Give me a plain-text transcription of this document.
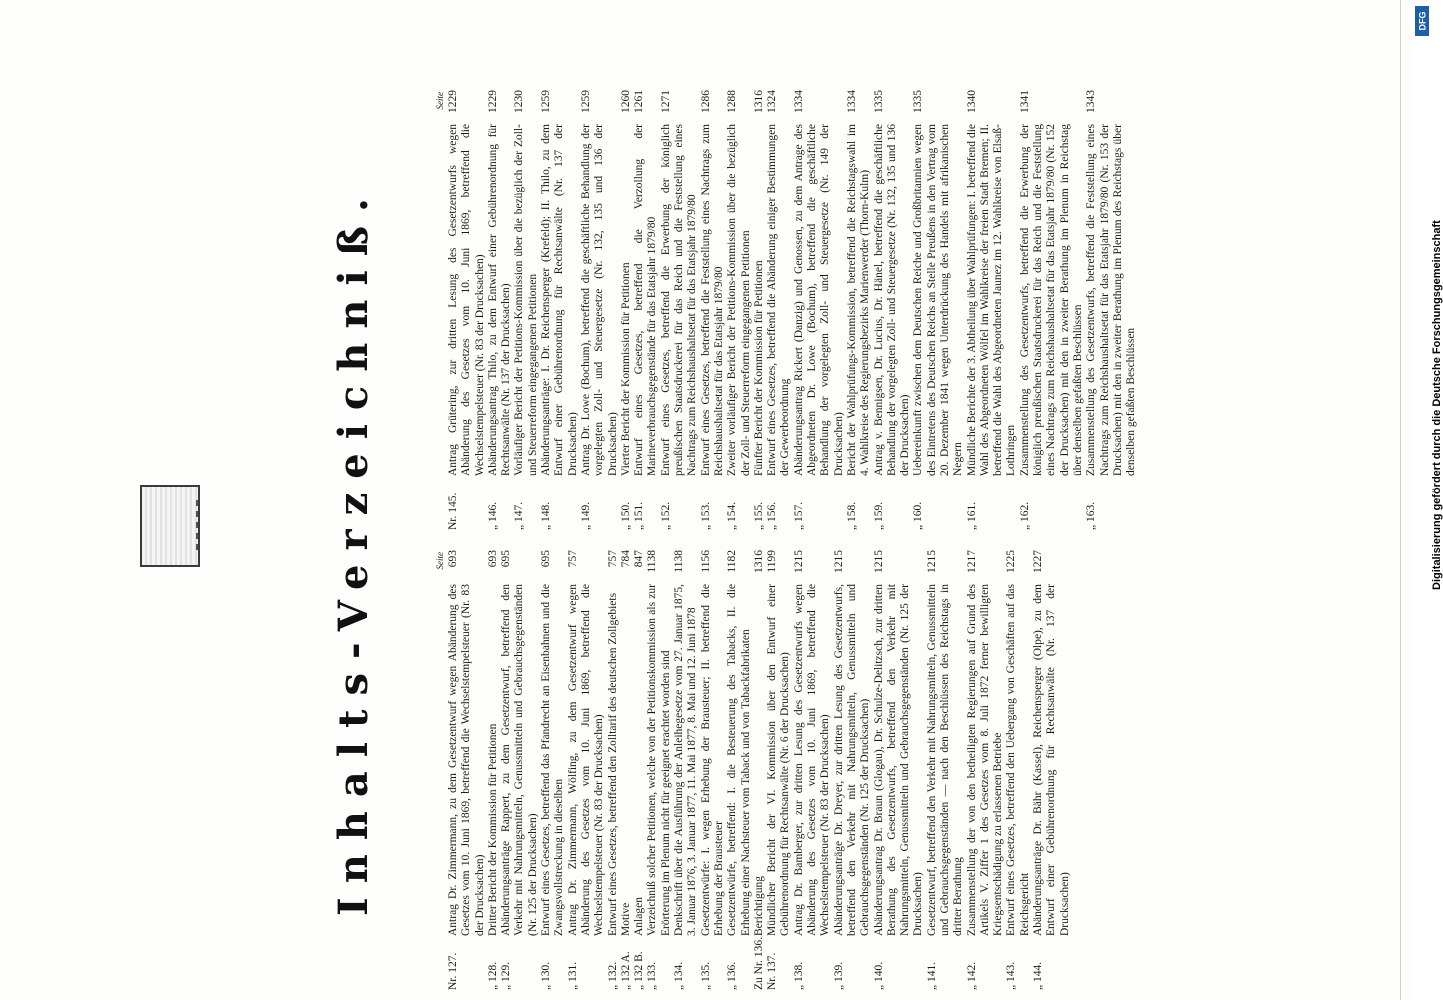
Inhalts-Verzeichniß.	Seite
Nr. 127.
Antrag Dr. Zimmermann, zu dem Gesetzentwurf wegen Abänderung des Gesetzes vom 10. Juni 1869, betreffend die Wechselstempelsteuer (Nr. 83 der Drucksachen)
693
„ 128.
Dritter Bericht der Kommission für Petitionen
693
„ 129.
Abänderungsanträge Rappert, zu dem Gesetzentwurf, betreffend den Verkehr mit Nahrungsmitteln, Genussmitteln und Gebrauchsgegenständen (Nr. 125 der Drucksachen)
695
„ 130.
Entwurf eines Gesetzes, betreffend das Pfandrecht an Eisenbahnen und die Zwangsvollstreckung in dieselben
695
„ 131.
Antrag Dr. Zimmermann, Wölfing, zu dem Gesetzentwurf wegen Abänderung des Gesetzes vom 10. Juni 1869, betreffend die Wechselstempelsteuer (Nr. 83 der Drucksachen)
757
„ 132.
Entwurf eines Gesetzes, betreffend den Zolltarif des deutschen Zollgebiets
757
„ 132 A.
Motive
784
„ 132 B.
Anlagen
847
„ 133.
Verzeichniß solcher Petitionen, welche von der Petitionskommission als zur Erörterung im Plenum nicht für geeignet erachtet worden sind
1138
„ 134.
Denkschrift über die Ausführung der Anleihegesetze vom 27. Januar 1875, 3. Januar 1876, 3. Januar 1877, 11. Mai 1877, 8. Mai und 12. Juni 1878
1138
„ 135.
Gesetzentwürfe: I. wegen Erhebung der Brausteuer; II. betreffend die Erhebung der Brausteuer
1156
„ 136.
Gesetzentwürfe, betreffend: I. die Besteuerung des Tabacks, II. die Erhebung einer Nachsteuer vom Taback und von Tabackfabrikaten
1182
Zu Nr. 136.
Berichtigung
1316
Nr. 137.
Mündlicher Bericht der VI. Kommission über den Entwurf einer Gebührenordnung für Rechtsanwälte (Nr. 6 der Drucksachen)
1199
„ 138.
Antrag Dr. Bamberger, zur dritten Lesung des Gesetzentwurfs wegen Abänderung des Gesetzes vom 10. Juni 1869, betreffend die Wechselstempelsteuer (Nr. 83 der Drucksachen)
1215
„ 139.
Abänderungsanträge Dr. Dreyer, zur dritten Lesung des Gesetzentwurfs, betreffend den Verkehr mit Nahrungsmitteln, Genussmitteln und Gebrauchsgegenständen (Nr. 125 der Drucksachen)
1215
„ 140.
Abänderungsantrag Dr. Braun (Glogau), Dr. Schulze-Delitzsch, zur dritten Berathung des Gesetzentwurfs, betreffend den Verkehr mit Nahrungsmitteln, Genussmitteln und Gebrauchsgegenständen (Nr. 125 der Drucksachen)
1215
„ 141.
Gesetzentwurf, betreffend den Verkehr mit Nahrungsmitteln, Genussmitteln und Gebrauchsgegenständen — nach den Beschlüssen des Reichstags in dritter Berathung
1215
„ 142.
Zusammenstellung der von den betheiligten Regierungen auf Grund des Artikels V. Ziffer 1 des Gesetzes vom 8. Juli 1872 ferner bewilligten Kriegsentschädigung zu erlassenen Betriebe
1217
„ 143.
Entwurf eines Gesetzes, betreffend den Uebergang von Geschäften auf das Reichsgericht
1225
„ 144.
Abänderungsanträge Dr. Bähr (Kassel), Reichensperger (Olpe), zu dem Entwurf einer Gebührenordnung für Rechtsanwälte (Nr. 137 der Drucksachen)
1227
Seite
Nr. 145.
Antrag Grütering, zur dritten Lesung des Gesetzentwurfs wegen Abänderung des Gesetzes vom 10. Juni 1869, betreffend die Wechselstempelsteuer (Nr. 83 der Drucksachen)
1229
„ 146.
Abänderungsantrag Thilo, zu dem Entwurf einer Gebührenordnung für Rechtsanwälte (Nr. 137 der Drucksachen)
1229
„ 147.
Vorläufiger Bericht der Petitions-Kommission über die bezüglich der Zoll- und Steuerreform eingegangenen Petitionen
1230
„ 148.
Abänderungsanträge: I. Dr. Reichensperger (Krefeld); II. Thilo, zu dem Entwurf einer Gebührenordnung für Rechtsanwälte (Nr. 137 der Drucksachen)
1259
„ 149.
Antrag Dr. Lowe (Bochum), betreffend die geschäftliche Behandlung der vorgelegten Zoll- und Steuergesetze (Nr. 132, 135 und 136 der Drucksachen)
1259
„ 150.
Vierter Bericht der Kommission für Petitionen
1260
„ 151.
Entwurf eines Gesetzes, betreffend die Verzollung der Marineverbrauchsgegenstände für das Etatsjahr 1879/80
1261
„ 152.
Entwurf eines Gesetzes, betreffend die Erwerbung der königlich preußischen Staatsdruckerei für das Reich und die Feststellung eines Nachtrags zum Reichshaushaltsetat für das Etatsjahr 1879/80
1271
„ 153.
Entwurf eines Gesetzes, betreffend die Feststellung eines Nachtrags zum Reichshaushaltsetat für das Etatsjahr 1879/80
1286
„ 154.
Zweiter vorläufiger Bericht der Petitions-Kommission über die bezüglich der Zoll- und Steuerreform eingegangenen Petitionen
1288
„ 155.
Fünfter Bericht der Kommission für Petitionen
1316
„ 156.
Entwurf eines Gesetzes, betreffend die Abänderung einiger Bestimmungen der Gewerbeordnung
1324
„ 157.
Abänderungsantrag Rickert (Danzig) und Genossen, zu dem Antrage des Abgeordneten Dr. Lowe (Bochum), betreffend die geschäftliche Behandlung der vorgelegten Zoll- und Steuergesetze (Nr. 149 der Drucksachen)
1334
„ 158.
Bericht der Wahlprüfungs-Kommission, betreffend die Reichstagswahl im 4. Wahlkreise des Regierungsbezirks Marienwerder (Thorn-Kulm)
1334
„ 159.
Antrag v. Bennigsen, Dr. Lucius, Dr. Hänel, betreffend die geschäftliche Behandlung der vorgelegten Zoll- und Steuergesetze (Nr. 132, 135 und 136 der Drucksachen)
1335
„ 160.
Uebereinkunft zwischen dem Deutschen Reiche und Großbritannien wegen des Eintretens des Deutschen Reichs an Stelle Preußens in den Vertrag vom 20. Dezember 1841 wegen Unterdrückung des Handels mit afrikanischen Negern
1335
„ 161.
Mündliche Berichte der 3. Abtheilung über Wahlprüfungen: I. betreffend die Wahl des Abgeordneten Wölfel im Wahlkreise der freien Stadt Bremen; II. betreffend die Wahl des Abgeordneten Jaunez im 12. Wahlkreise von Elsaß-Lothringen
1340
„ 162.
Zusammenstellung des Gesetzentwurfs, betreffend die Erwerbung der königlich preußischen Staatsdruckerei für das Reich und die Feststellung eines Nachtrags zum Reichshaushaltsetat für das Etatsjahr 1879/80 (Nr. 152 der Drucksachen) mit den in zweiter Berathung im Plenum in Reichstag über denselben gefaßten Beschlüssen
1341
„ 163.
Zusammenstellung des Gesetzentwurfs, betreffend die Feststellung eines Nachtrags zum Reichshaushaltsetat für das Etatsjahr 1879/80 (Nr. 153 der Drucksachen) mit den in zweiter Berathung im Plenum des Reichstags über denselben gefaßten Beschlüssen
1343
DFG
Digitalisierung gefördert durch die Deutsche Forschungsgemeinschaft
